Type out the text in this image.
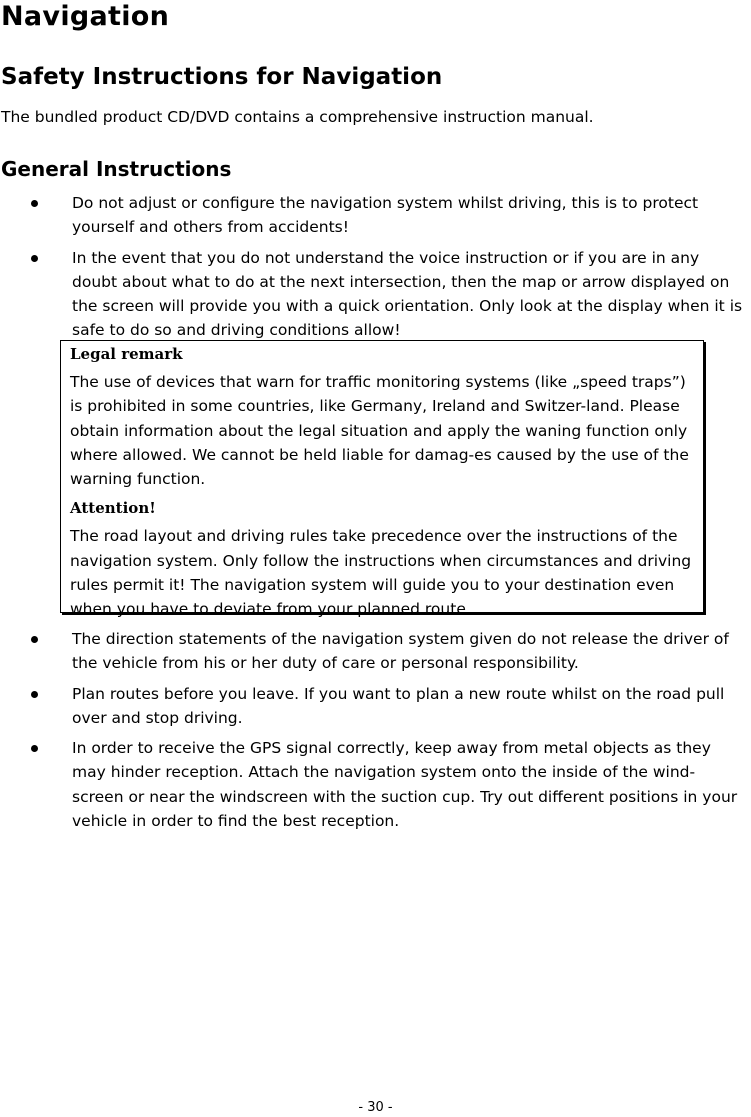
Navigation
Safety Instructions for Navigation
The bundled product CD/DVD contains a comprehensive instruction manual.
General Instructions
Do not adjust or configure the navigation system whilst driving, this is to protect yourself and others from accidents!
In the event that you do not understand the voice instruction or if you are in any doubt about what to do at the next intersection, then the map or arrow displayed on the screen will provide you with a quick orientation. Only look at the display when it is safe to do so and driving conditions allow!
Legal remark

The use of devices that warn for traffic monitoring systems (like „speed traps”) is prohibited in some countries, like Germany, Ireland and Switzer-land. Please obtain information about the legal situation and apply the waning function only where allowed. We cannot be held liable for damag-es caused by the use of the warning function.

Attention!

The road layout and driving rules take precedence over the instructions of the navigation system. Only follow the instructions when circumstances and driving rules permit it! The navigation system will guide you to your destination even when you have to deviate from your planned route.

The direction statements of the navigation system given do not release the driver of the vehicle from his or her duty of care or personal responsibility.
Plan routes before you leave. If you want to plan a new route whilst on the road pull over and stop driving.
In order to receive the GPS signal correctly, keep away from metal objects as they may hinder reception. Attach the navigation system onto the inside of the wind-screen or near the windscreen with the suction cup. Try out different positions in your vehicle in order to find the best reception.
- 30 -
